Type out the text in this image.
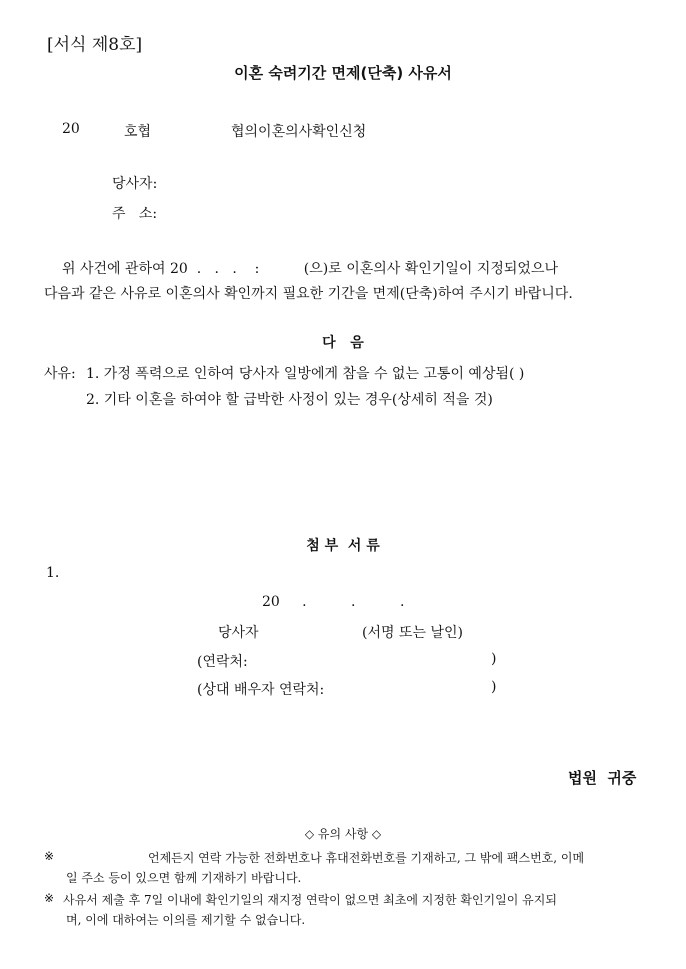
[서식 제8호]
이혼 숙려기간 면제(단축) 사유서
20	호협	협의이혼의사확인신청
당사자:
주   소:
위 사건에 관하여 20  .   .   .    :          (으)로 이혼의사 확인기일이 지정되었으나
다음과 같은 사유로 이혼의사 확인까지 필요한 기간을 면제(단축)하여 주시기 바랍니다.
다   음
사유: 1. 가정 폭력으로 인하여 당사자 일방에게 참을 수 없는 고통이 예상됨( )
2. 기타 이혼을 하여야 할 급박한 사정이 있는 경우(상세히 적을 것)
첨 부  서 류
1.
20     .          .          .
당사자	(서명 또는 날인)
(연락처:	)
(상대 배우자 연락처:	)
법원  귀중
◇ 유의 사항 ◇
※	언제든지 연락 가능한 전화번호나 휴대전화번호를 기재하고, 그 밖에 팩스번호, 이메
일 주소 등이 있으면 함께 기재하기 바랍니다.
※ 사유서 제출 후 7일 이내에 확인기일의 재지정 연락이 없으면 최초에 지정한 확인기일이 유지되
며, 이에 대하여는 이의를 제기할 수 없습니다.
